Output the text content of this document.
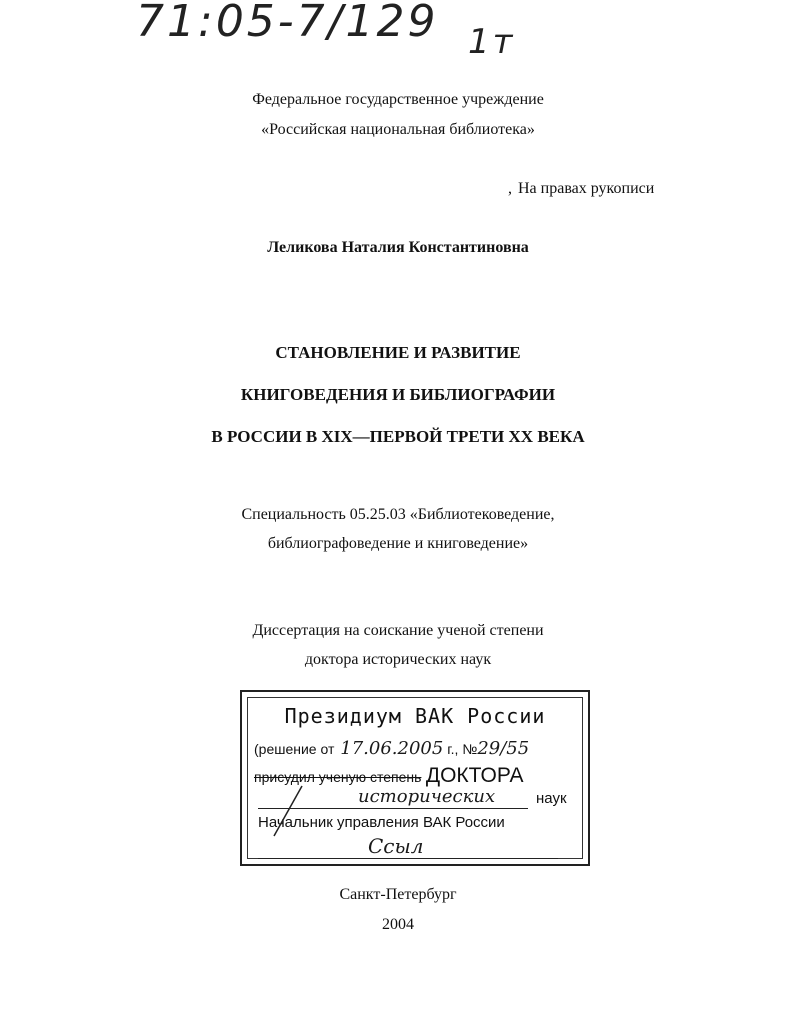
71:05-7/129 1т
Федеральное государственное учреждение
«Российская национальная библиотека»
, На правах рукописи
Леликова Наталия Константиновна
СТАНОВЛЕНИЕ И РАЗВИТИЕ
КНИГОВЕДЕНИЯ И БИБЛИОГРАФИИ
В РОССИИ В XIX—ПЕРВОЙ ТРЕТИ XX ВЕКА
Специальность 05.25.03 «Библиотековедение,
библиографоведение и книговедение»
Диссертация на соискание ученой степени
доктора исторических наук
Президиум ВАК России
(решение от 17.06.2005 г., №29/55
присудил ученую степень ДОКТОРА
исторических	наук
Начальник управления ВАК России
Ссыл
Санкт-Петербург
2004
